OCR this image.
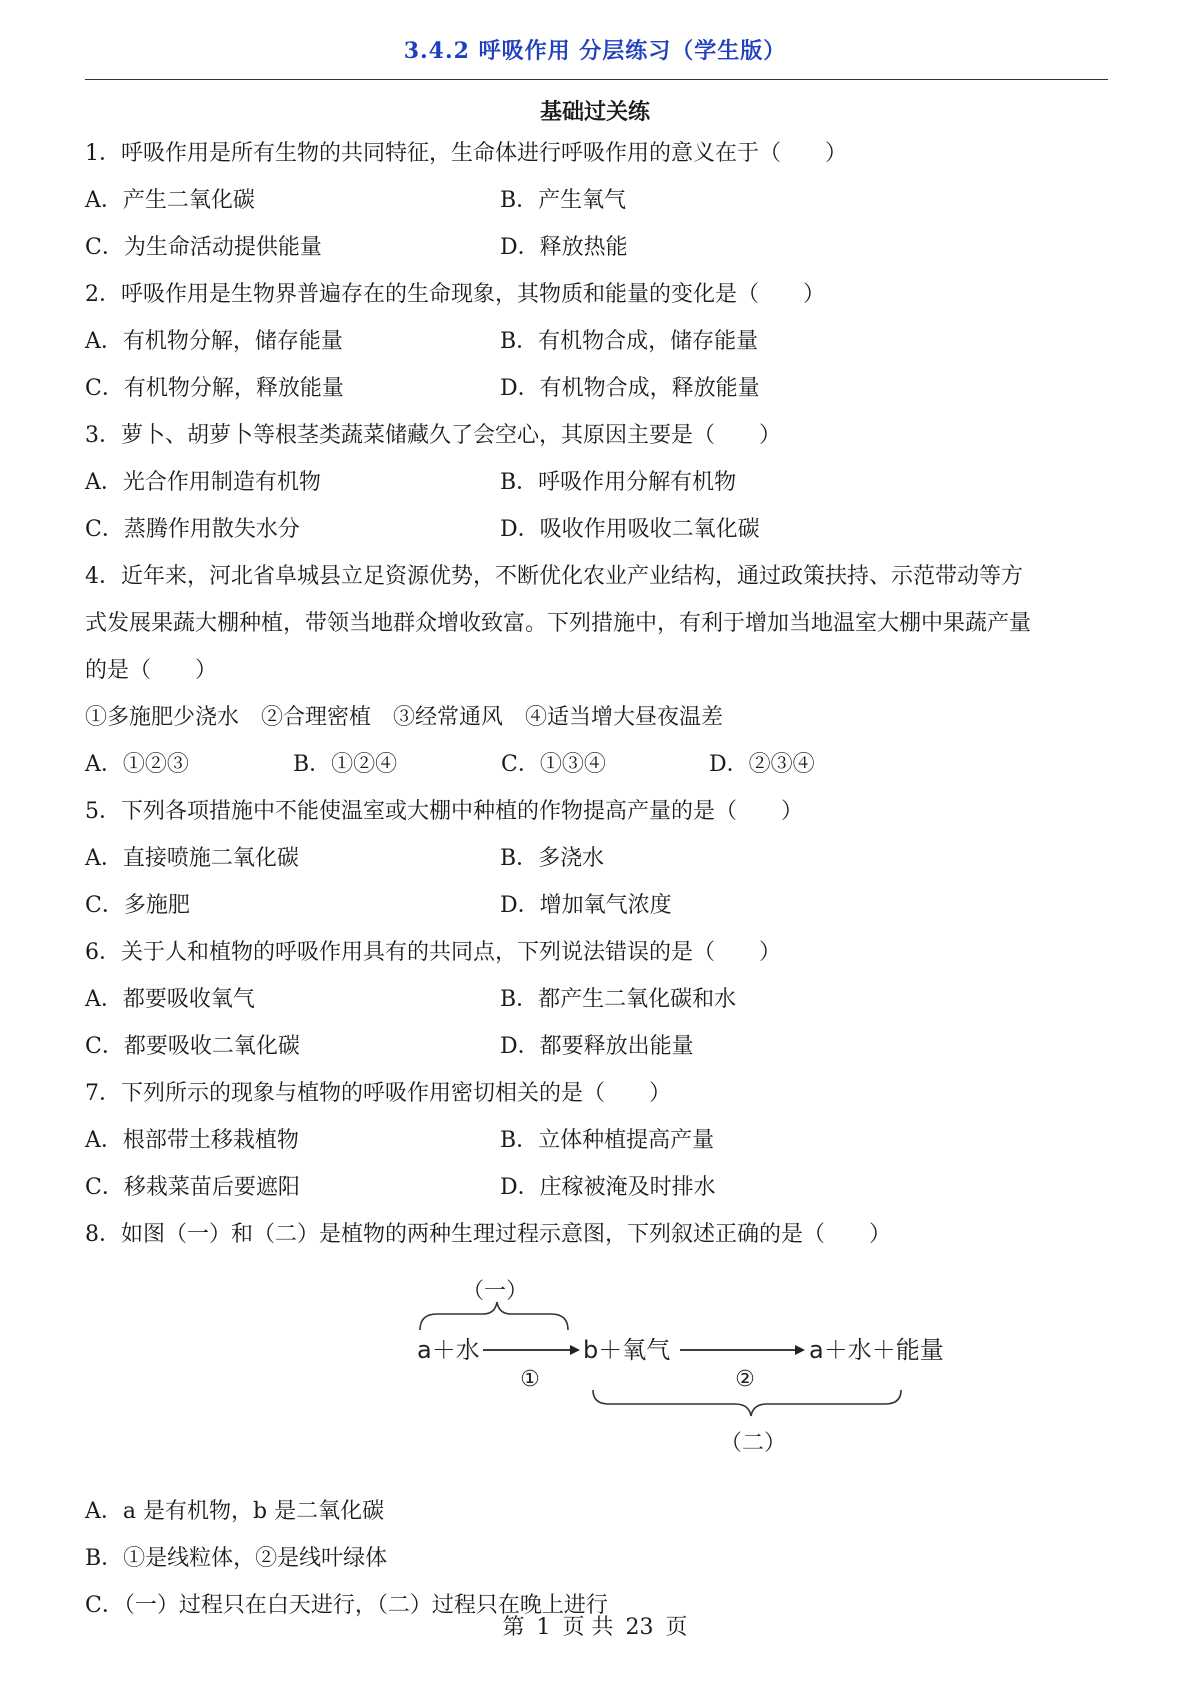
3.4.2 呼吸作用 分层练习（学生版）
基础过关练
1．呼吸作用是所有生物的共同特征，生命体进行呼吸作用的意义在于（　　）
A．产生二氧化碳	B．产生氧气
C．为生命活动提供能量	D．释放热能
2．呼吸作用是生物界普遍存在的生命现象，其物质和能量的变化是（　　）
A．有机物分解，储存能量	B．有机物合成，储存能量
C．有机物分解，释放能量	D．有机物合成，释放能量
3．萝卜、胡萝卜等根茎类蔬菜储藏久了会空心，其原因主要是（　　）
A．光合作用制造有机物	B．呼吸作用分解有机物
C．蒸腾作用散失水分	D．吸收作用吸收二氧化碳
4．近年来，河北省阜城县立足资源优势，不断优化农业产业结构，通过政策扶持、示范带动等方
式发展果蔬大棚种植，带领当地群众增收致富。下列措施中，有利于增加当地温室大棚中果蔬产量
的是（　　）
①多施肥少浇水　②合理密植　③经常通风　④适当增大昼夜温差
A．①②③	B．①②④	C．①③④	D．②③④
5．下列各项措施中不能使温室或大棚中种植的作物提高产量的是（　　）
A．直接喷施二氧化碳	B．多浇水
C．多施肥	D．增加氧气浓度
6．关于人和植物的呼吸作用具有的共同点，下列说法错误的是（　　）
A．都要吸收氧气	B．都产生二氧化碳和水
C．都要吸收二氧化碳	D．都要释放出能量
7．下列所示的现象与植物的呼吸作用密切相关的是（　　）
A．根部带土移栽植物	B．立体种植提高产量
C．移栽菜苗后要遮阳	D．庄稼被淹及时排水
8．如图（一）和（二）是植物的两种生理过程示意图，下列叙述正确的是（　　）
（一）
a＋水
①
b＋氧气
②
a＋水＋能量
（二）
A．a 是有机物，b 是二氧化碳
B．①是线粒体，②是线叶绿体
C．（一）过程只在白天进行，（二）过程只在晚上进行
第 1 页 共 23 页
